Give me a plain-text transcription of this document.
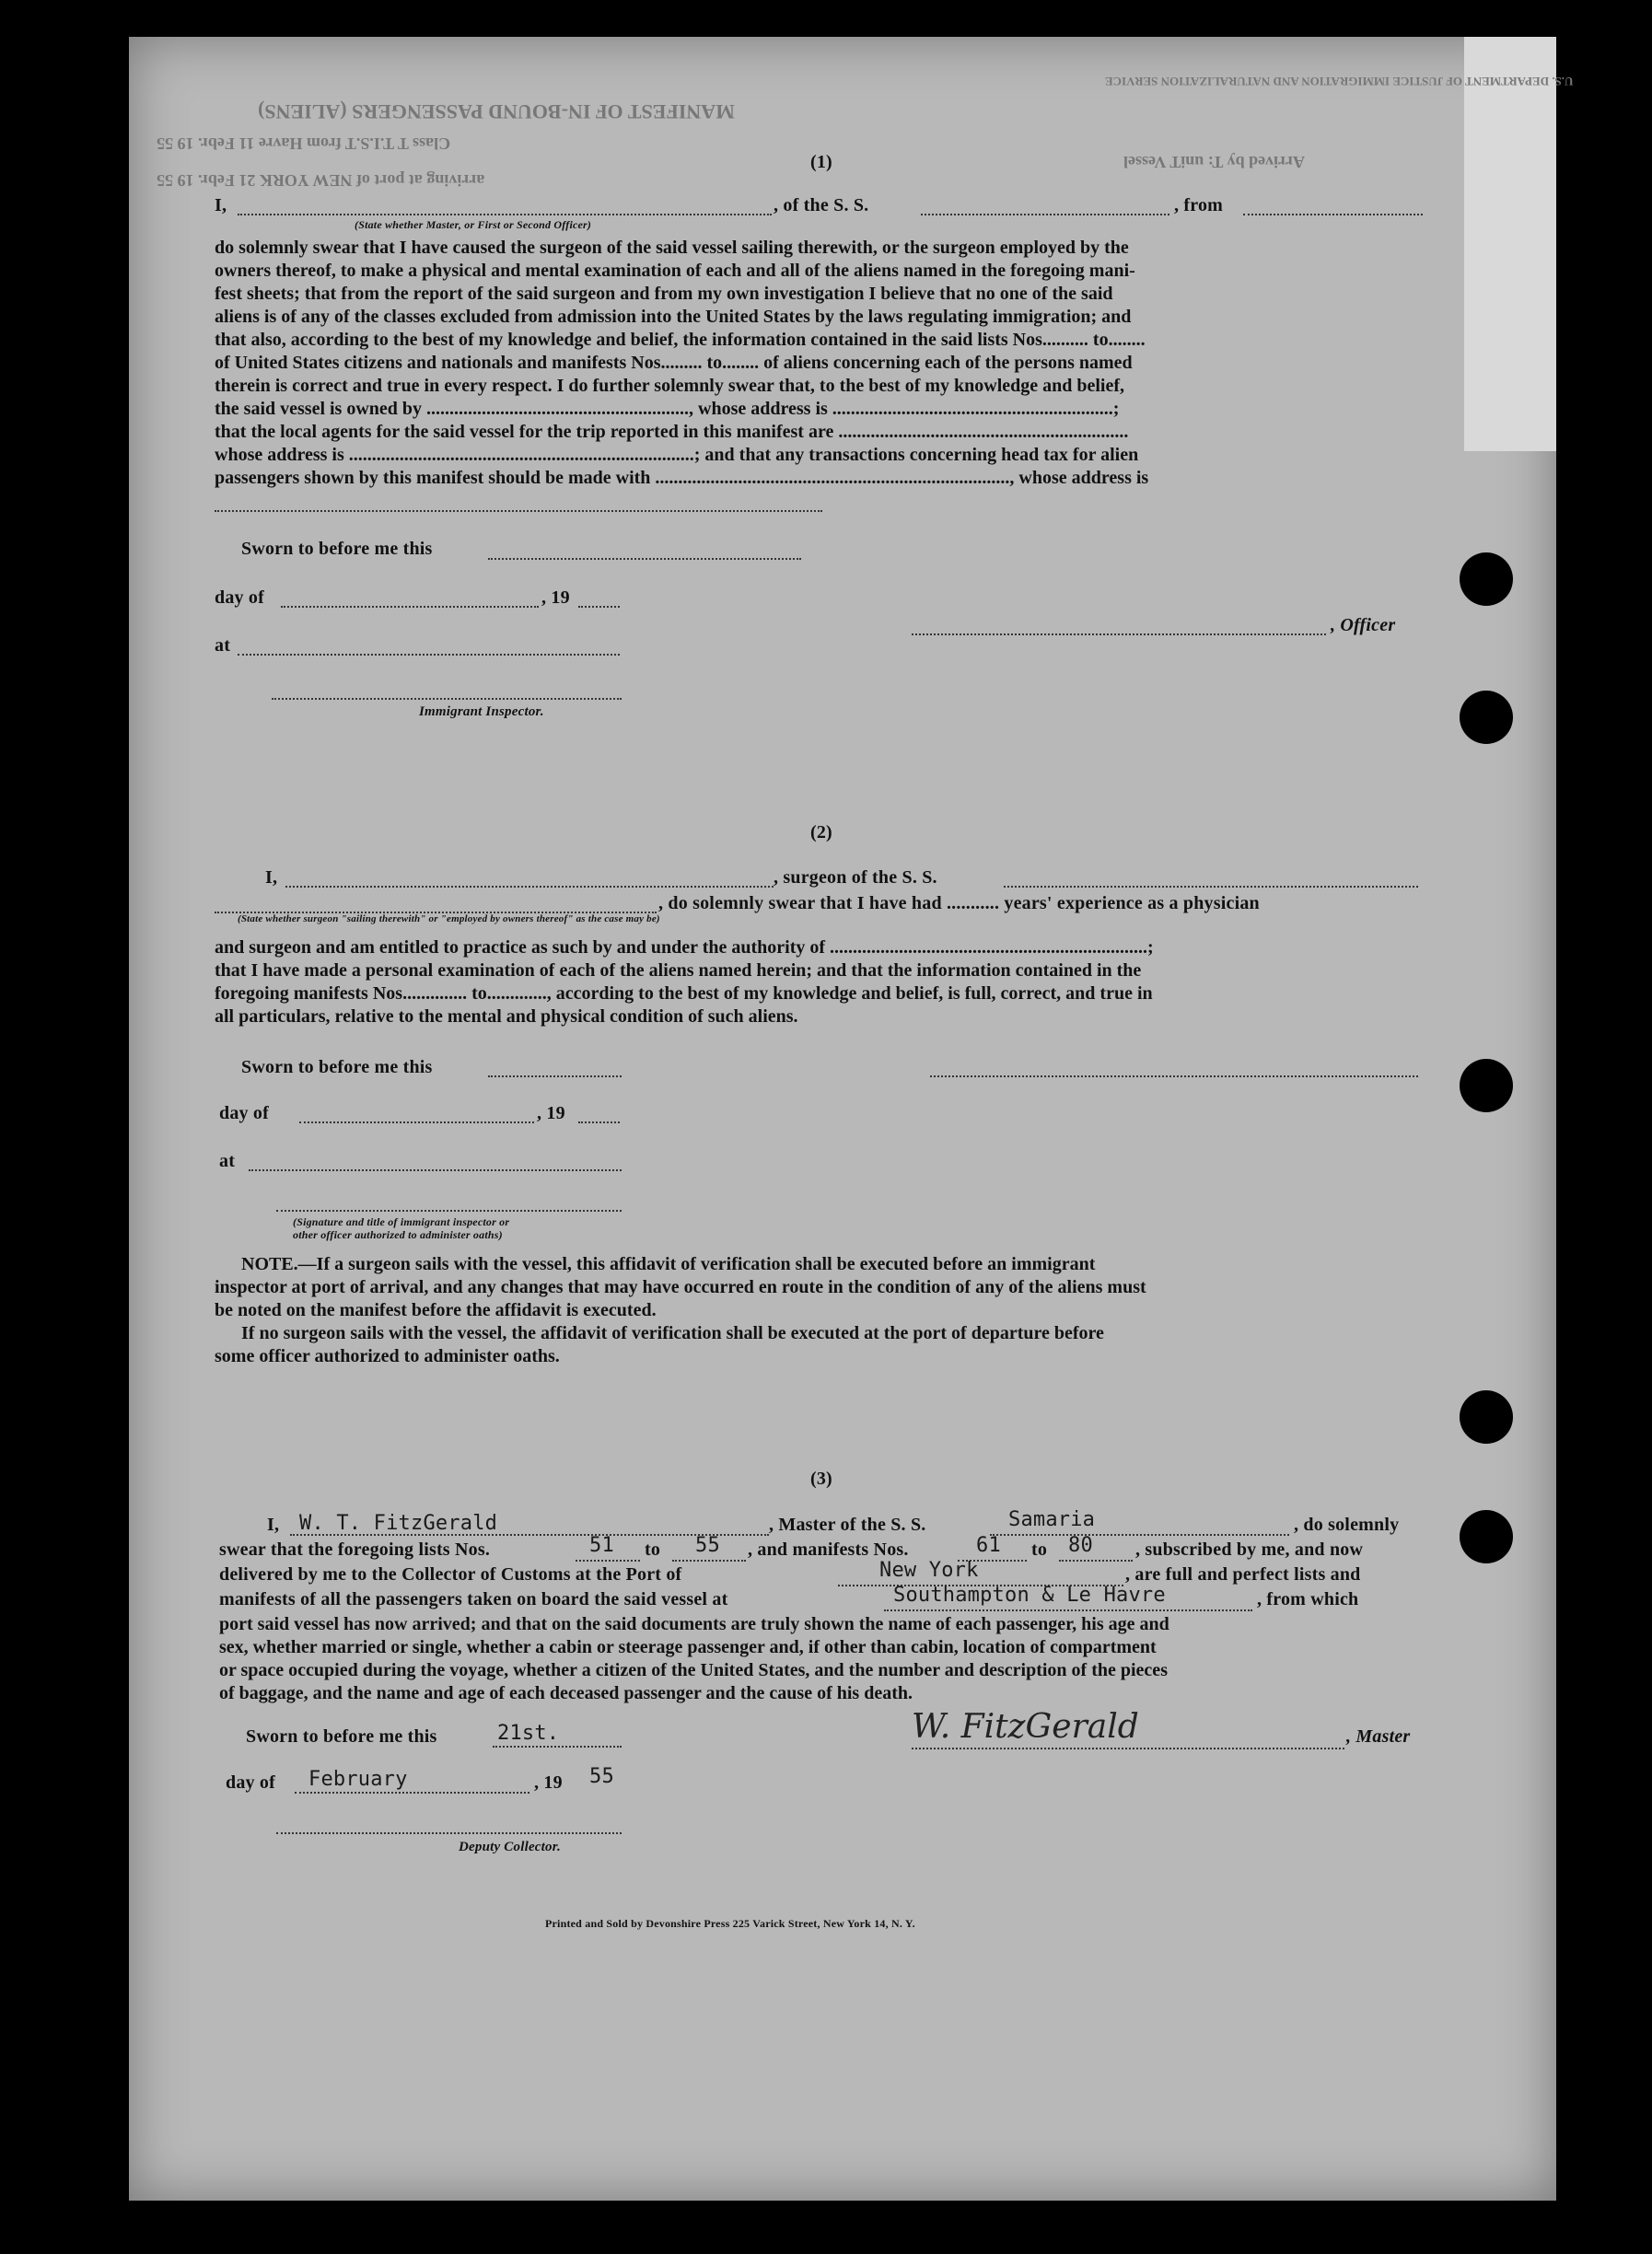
MANIFEST OF IN-BOUND PASSENGERS (ALIENS)
Class T T.I.S.T from Havre 11 Febr. 19 55
arriving at port of NEW YORK 21 Febr. 19 55
U.S. DEPARTMENT OF JUSTICE IMMIGRATION AND NATURALIZATION SERVICE
Arrived by T: uniT Vessel
(1)
I,	, of the S. S.	, from
(State whether Master, or First or Second Officer)
do solemnly swear that I have caused the surgeon of the said vessel sailing therewith, or the surgeon employed by the
owners thereof, to make a physical and mental examination of each and all of the aliens named in the foregoing mani-
fest sheets; that from the report of the said surgeon and from my own investigation I believe that no one of the said
aliens is of any of the classes excluded from admission into the United States by the laws regulating immigration; and
that also, according to the best of my knowledge and belief, the information contained in the said lists Nos.......... to........
of United States citizens and nationals and manifests Nos......... to........ of aliens concerning each of the persons named
therein is correct and true in every respect. I do further solemnly swear that, to the best of my knowledge and belief,
the said vessel is owned by ........................................................., whose address is .............................................................;
that the local agents for the said vessel for the trip reported in this manifest are ...............................................................
whose address is ...........................................................................; and that any transactions concerning head tax for alien
passengers shown by this manifest should be made with ............................................................................., whose address is
Sworn to before me this
day of	, 19
, Officer
at
Immigrant Inspector.
(2)
I,	, surgeon of the S. S.
, do solemnly swear that I have had ........... years' experience as a physician
(State whether surgeon "sailing therewith" or "employed by owners thereof" as the case may be)
and surgeon and am entitled to practice as such by and under the authority of .....................................................................;
that I have made a personal examination of each of the aliens named herein; and that the information contained in the
foregoing manifests Nos.............. to............., according to the best of my knowledge and belief, is full, correct, and true in
all particulars, relative to the mental and physical condition of such aliens.
Sworn to before me this
day of	, 19
at
(Signature and title of immigrant inspector or
other officer authorized to administer oaths)
NOTE.—If a surgeon sails with the vessel, this affidavit of verification shall be executed before an immigrant
inspector at port of arrival, and any changes that may have occurred en route in the condition of any of the aliens must
be noted on the manifest before the affidavit is executed.
If no surgeon sails with the vessel, the affidavit of verification shall be executed at the port of departure before
some officer authorized to administer oaths.
(3)
I, W. T. FitzGerald	, Master of the S. S.	Samaria	, do solemnly
swear that the foregoing lists Nos.	51 to 55 , and manifests Nos.	61 to 80 , subscribed by me, and now
delivered by me to the Collector of Customs at the Port of	New York	, are full and perfect lists and
manifests of all the passengers taken on board the said vessel at	Southampton & Le Havre	, from which
port said vessel has now arrived; and that on the said documents are truly shown the name of each passenger, his age and
sex, whether married or single, whether a cabin or steerage passenger and, if other than cabin, location of compartment
or space occupied during the voyage, whether a citizen of the United States, and the number and description of the pieces
of baggage, and the name and age of each deceased passenger and the cause of his death.
Sworn to before me this	21st.	W. FitzGerald	, Master
day of February	, 19 55
Deputy Collector.
Printed and Sold by Devonshire Press 225 Varick Street, New York 14, N. Y.
